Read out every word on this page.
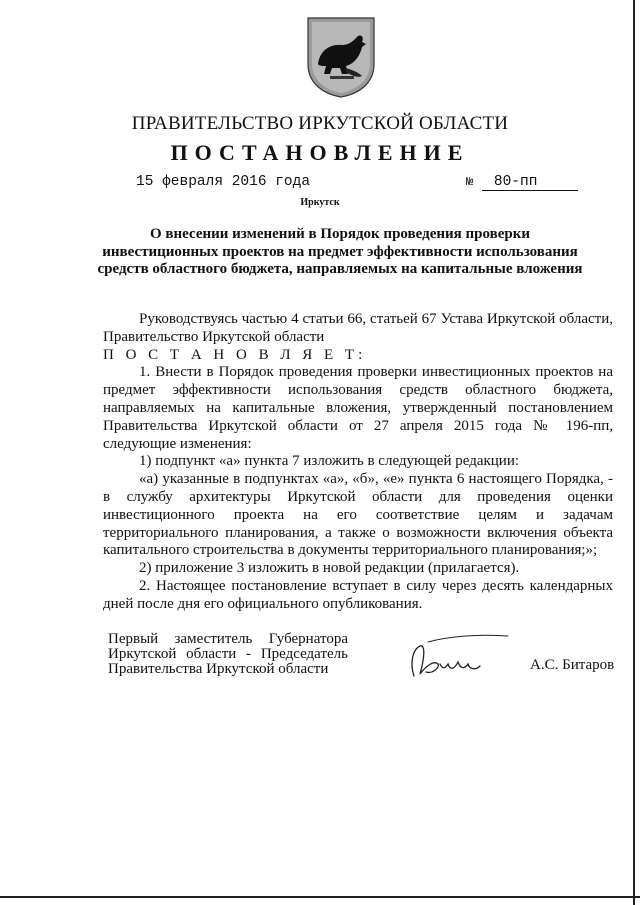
ПРАВИТЕЛЬСТВО ИРКУТСКОЙ ОБЛАСТИ
ПОСТАНОВЛЕНИЕ
15 февраля 2016 года	№ 80-пп
Иркутск
О внесении изменений в Порядок проведения проверки
инвестиционных проектов на предмет эффективности использования
средств областного бюджета, направляемых на капитальные вложения

Руководствуясь частью 4 статьи 66, статьей 67 Устава Иркутской области, Правительство Иркутской области

П О С Т А Н О В Л Я Е Т:

1. Внести в Порядок проведения проверки инвестиционных проектов на предмет эффективности использования средств областного бюджета, направляемых на капитальные вложения, утвержденный постановлением Правительства Иркутской области от 27 апреля 2015 года № 196-пп, следующие изменения:

1) подпункт «а» пункта 7 изложить в следующей редакции:

«а) указанные в подпунктах «а», «б», «е» пункта 6 настоящего Порядка, - в службу архитектуры Иркутской области для проведения оценки инвестиционного проекта на его соответствие целям и задачам территориального планирования, а также о возможности включения объекта капитального строительства в документы территориального планирования;»;

2) приложение 3 изложить в новой редакции (прилагается).

2. Настоящее постановление вступает в силу через десять календарных дней после дня его официального опубликования.

Первый заместитель Губернатора
Иркутской области - Председатель
Правительства Иркутской области	А.С. Битаров
